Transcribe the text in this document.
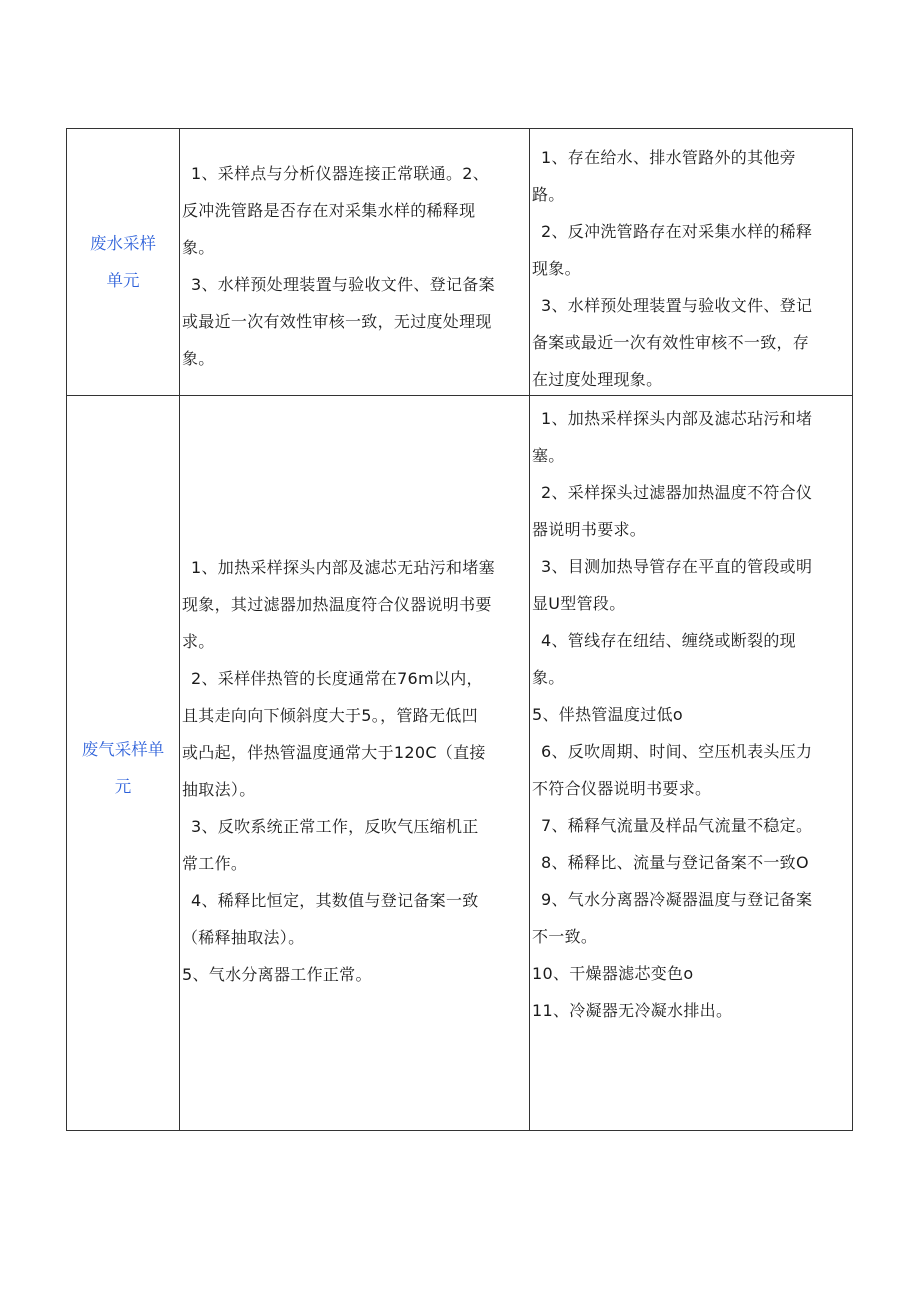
废水采样
单元

1、采样点与分析仪器连接正常联通。2、

反冲洗管路是否存在对采集水样的稀释现

象。

3、水样预处理装置与验收文件、登记备案

或最近一次有效性审核一致，无过度处理现

象。

1、存在给水、排水管路外的其他旁

路。

2、反冲洗管路存在对采集水样的稀释

现象。

3、水样预处理装置与验收文件、登记

备案或最近一次有效性审核不一致，存

在过度处理现象。

废气采样单
元

1、加热采样探头内部及滤芯无玷污和堵塞

现象，其过滤器加热温度符合仪器说明书要

求。

2、采样伴热管的长度通常在76m以内，

且其走向向下倾斜度大于5。，管路无低凹

或凸起，伴热管温度通常大于120C（直接

抽取法）。

3、反吹系统正常工作，反吹气压缩机正

常工作。

4、稀释比恒定，其数值与登记备案一致

（稀释抽取法）。

5、气水分离器工作正常。

1、加热采样探头内部及滤芯玷污和堵

塞。

2、采样探头过滤器加热温度不符合仪

器说明书要求。

3、目测加热导管存在平直的管段或明

显U型管段。

4、管线存在纽结、缠绕或断裂的现

象。

5、伴热管温度过低o

6、反吹周期、时间、空压机表头压力

不符合仪器说明书要求。

7、稀释气流量及样品气流量不稳定。

8、稀释比、流量与登记备案不一致O

9、气水分离器冷凝器温度与登记备案

不一致。

10、干燥器滤芯变色o

11、冷凝器无冷凝水排出。
